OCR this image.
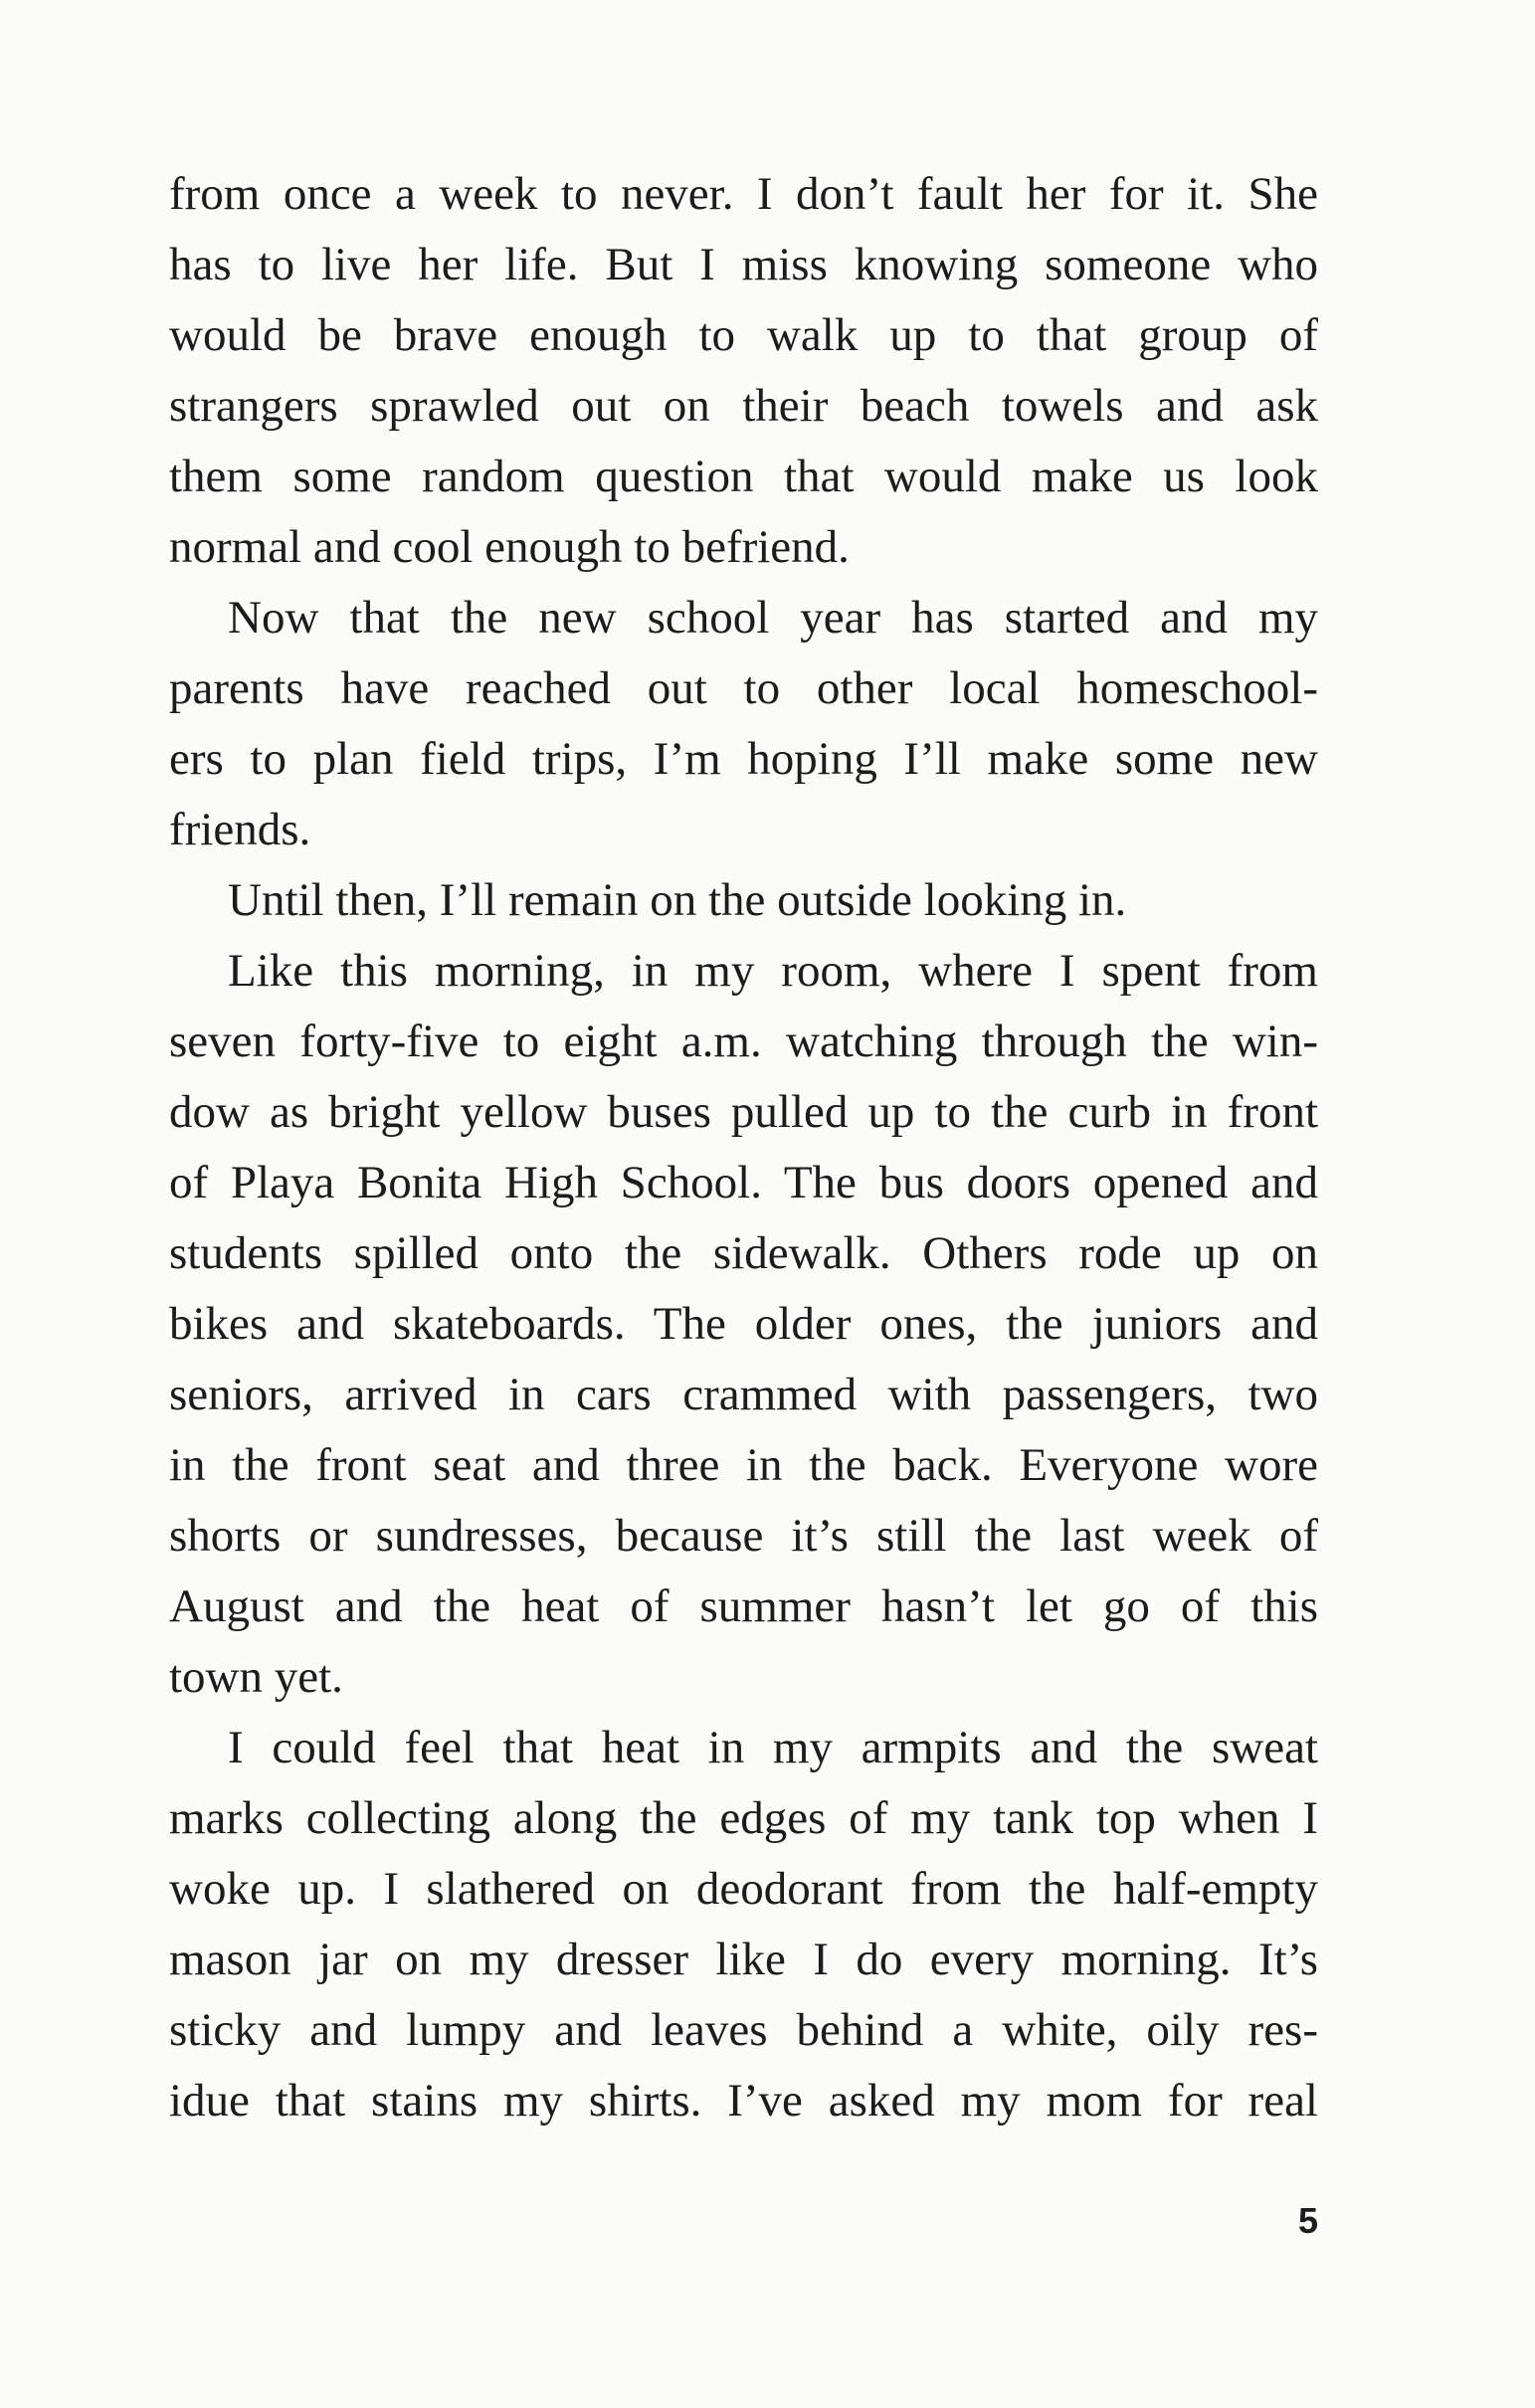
from once a week to never. I don’t fault her for it. She
has to live her life. But I miss knowing someone who
would be brave enough to walk up to that group of
strangers sprawled out on their beach towels and ask
them some random question that would make us look
normal and cool enough to befriend.
Now that the new school year has started and my
parents have reached out to other local homeschool-
ers to plan field trips, I’m hoping I’ll make some new
friends.
Until then, I’ll remain on the outside looking in.
Like this morning, in my room, where I spent from
seven forty-five to eight a.m. watching through the win-
dow as bright yellow buses pulled up to the curb in front
of Playa Bonita High School. The bus doors opened and
students spilled onto the sidewalk. Others rode up on
bikes and skateboards. The older ones, the juniors and
seniors, arrived in cars crammed with passengers, two
in the front seat and three in the back. Everyone wore
shorts or sundresses, because it’s still the last week of
August and the heat of summer hasn’t let go of this
town yet.
I could feel that heat in my armpits and the sweat
marks collecting along the edges of my tank top when I
woke up. I slathered on deodorant from the half-empty
mason jar on my dresser like I do every morning. It’s
sticky and lumpy and leaves behind a white, oily res-
idue that stains my shirts. I’ve asked my mom for real
5
